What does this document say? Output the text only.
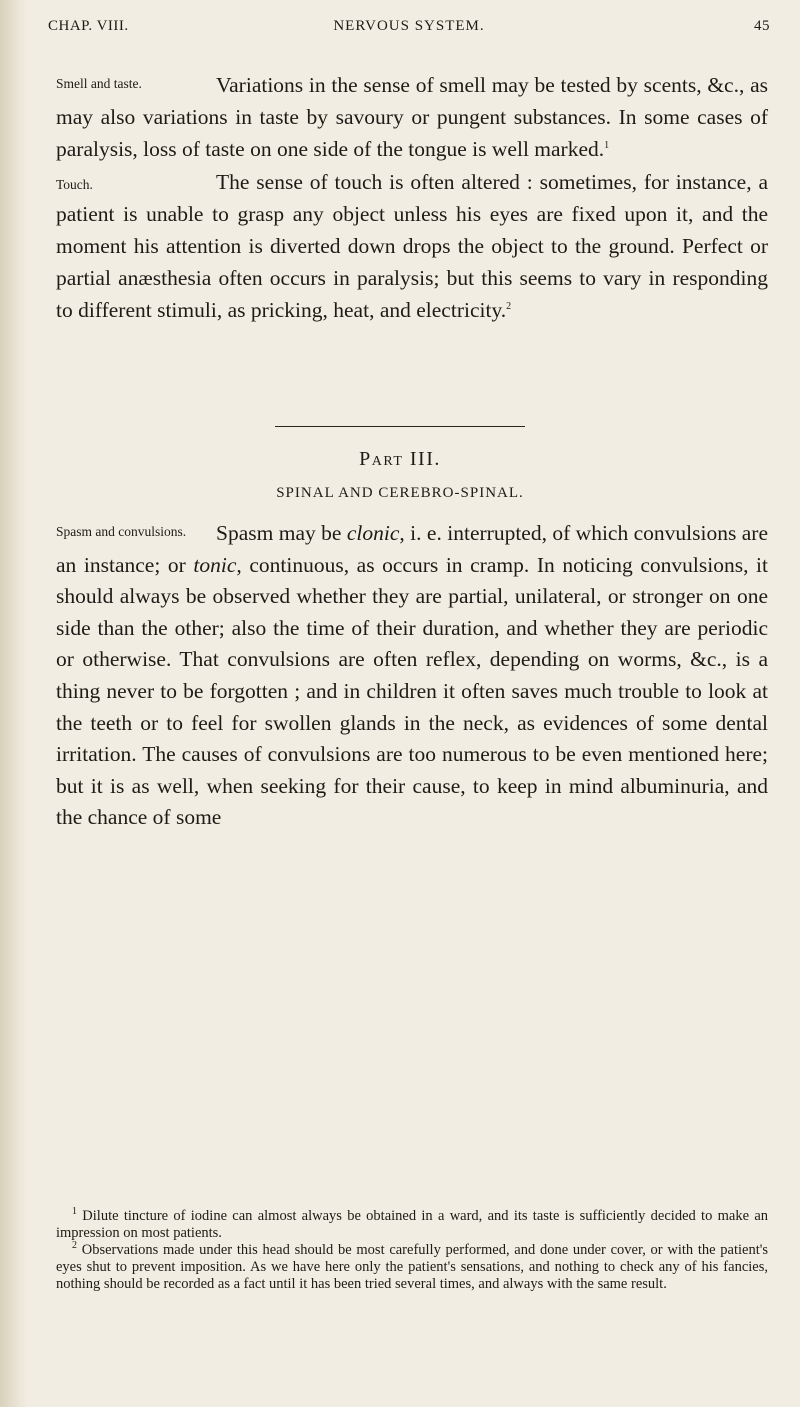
CHAP. VIII.	NERVOUS SYSTEM.	45

Smell and taste.	Variations in the sense of smell may be tested by scents, &c., as may also variations in taste by savoury or pungent substances. In some cases of paralysis, loss of taste on one side of the tongue is well marked.$^1$

Touch.	The sense of touch is often altered : sometimes, for instance, a patient is unable to grasp any object unless his eyes are fixed upon it, and the moment his attention is diverted down drops the object to the ground. Perfect or partial anæsthesia often occurs in paralysis; but this seems to vary in responding to different stimuli, as pricking, heat, and electricity.$^2$

Part III.
SPINAL AND CEREBRO-SPINAL.

Spasm and convulsions.	Spasm may be clonic, i. e. interrupted, of which convulsions are an instance; or tonic, continuous, as occurs in cramp. In noticing convulsions, it should always be observed whether they are partial, unilateral, or stronger on one side than the other; also the time of their duration, and whether they are periodic or otherwise. That convulsions are often reflex, depending on worms, &c., is a thing never to be forgotten ; and in children it often saves much trouble to look at the teeth or to feel for swollen glands in the neck, as evidences of some dental irritation. The causes of convulsions are too numerous to be even mentioned here; but it is as well, when seeking for their cause, to keep in mind albuminuria, and the chance of some

$^1$ Dilute tincture of iodine can almost always be obtained in a ward, and its taste is sufficiently decided to make an impression on most patients.

$^2$ Observations made under this head should be most carefully performed, and done under cover, or with the patient's eyes shut to prevent imposition. As we have here only the patient's sensations, and nothing to check any of his fancies, nothing should be recorded as a fact until it has been tried several times, and always with the same result.
